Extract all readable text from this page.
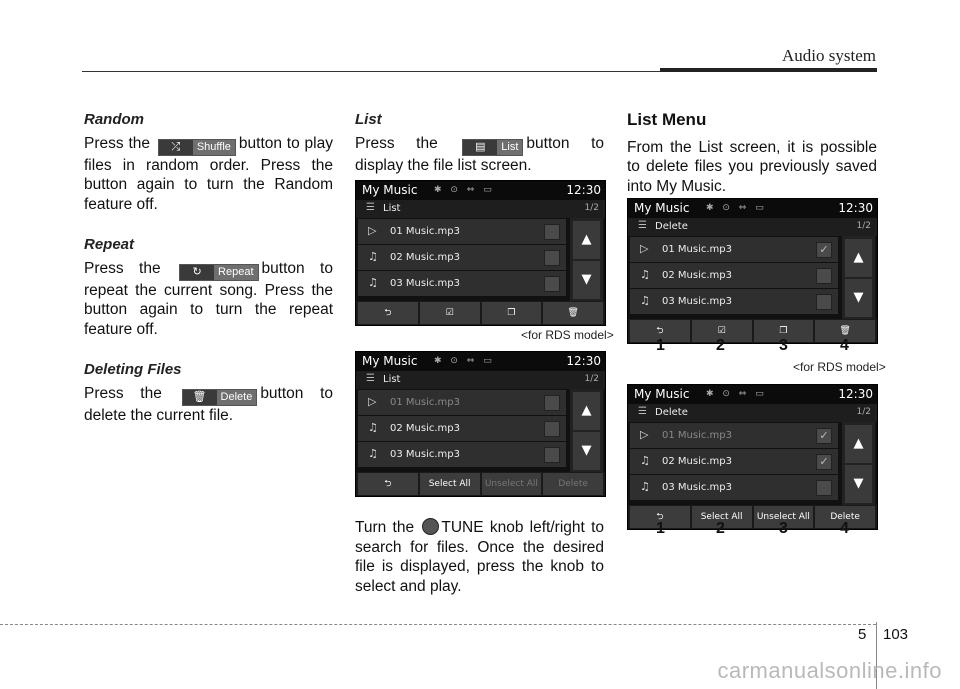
Audio system

Random

Press the	⤮	Shuffle button to play files in random order. Press the button again to turn the Random feature off.

Repeat

Press the	↻	Repeat button to repeat the current song. Press the button again to turn the repeat feature off.

Deleting Files

Press the	🗑	Delete button to delete the current file.

List

Press the	▤	List button to display the file list screen.

My Music ✱ ⊙ ⇔ ▭	12:30
☰ List	1/2
▷ 01 Music.mp3
♫ 02 Music.mp3
♫ 03 Music.mp3
▲
▼
⮌	☑	❐	🗑
<for RDS model>
My Music ✱ ⊙ ⇔ ▭	12:30
☰ List	1/2
▷ 01 Music.mp3
♫ 02 Music.mp3
♫ 03 Music.mp3
▲
▼
⮌	Select All	Unselect All	Delete

Turn the TUNE knob left/right to search for files. Once the desired file is displayed, press the knob to select and play.

List Menu

From the List screen, it is possible to delete files you previously saved into My Music.

My Music ✱ ⊙ ⇔ ▭	12:30
☰ Delete	1/2
▷ 01 Music.mp3	✓
♫ 02 Music.mp3
♫ 03 Music.mp3
▲
▼
⮌	☑	❐	🗑
1	2	3	4
<for RDS model>
My Music ✱ ⊙ ⇔ ▭	12:30
☰ Delete	1/2
▷ 01 Music.mp3	✓
♫ 02 Music.mp3	✓
♫ 03 Music.mp3
▲
▼
⮌	Select All	Unselect All	Delete
1	2	3	4
5 103
carmanualsonline.info
